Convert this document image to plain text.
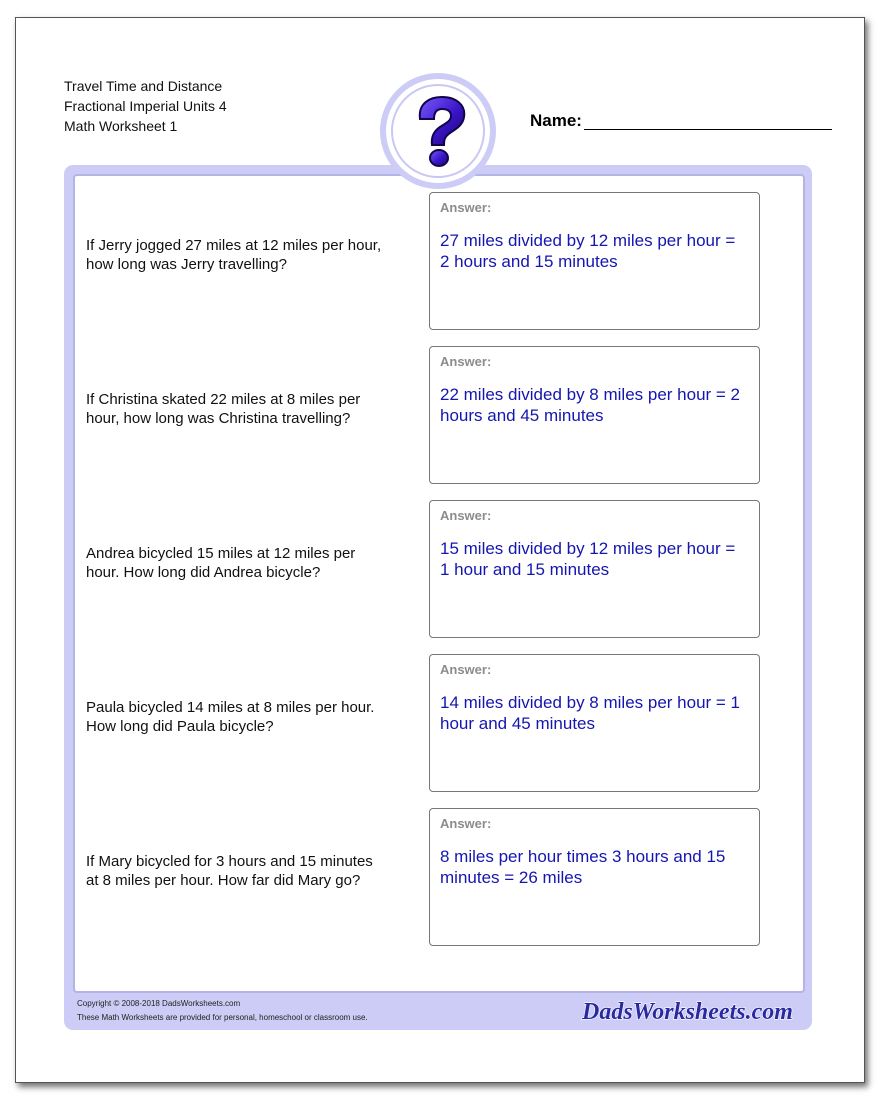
Travel Time and Distance
Fractional Imperial Units 4
Math Worksheet 1	Name:
If Jerry jogged 27 miles at 12 miles per hour, how long was Jerry travelling?
Answer:
27 miles divided by 12 miles per hour = 2 hours and 15 minutes
If Christina skated 22 miles at 8 miles per hour, how long was Christina travelling?
Answer:
22 miles divided by 8 miles per hour = 2 hours and 45 minutes
Andrea bicycled 15 miles at 12 miles per hour. How long did Andrea bicycle?
Answer:
15 miles divided by 12 miles per hour = 1 hour and 15 minutes
Paula bicycled 14 miles at 8 miles per hour. How long did Paula bicycle?
Answer:
14 miles divided by 8 miles per hour = 1 hour and 45 minutes
If Mary bicycled for 3 hours and 15 minutes at 8 miles per hour. How far did Mary go?
Answer:
8 miles per hour times 3 hours and 15 minutes = 26 miles
Copyright © 2008-2018 DadsWorksheets.com
These Math Worksheets are provided for personal, homeschool or classroom use.	DadsWorksheets.com
